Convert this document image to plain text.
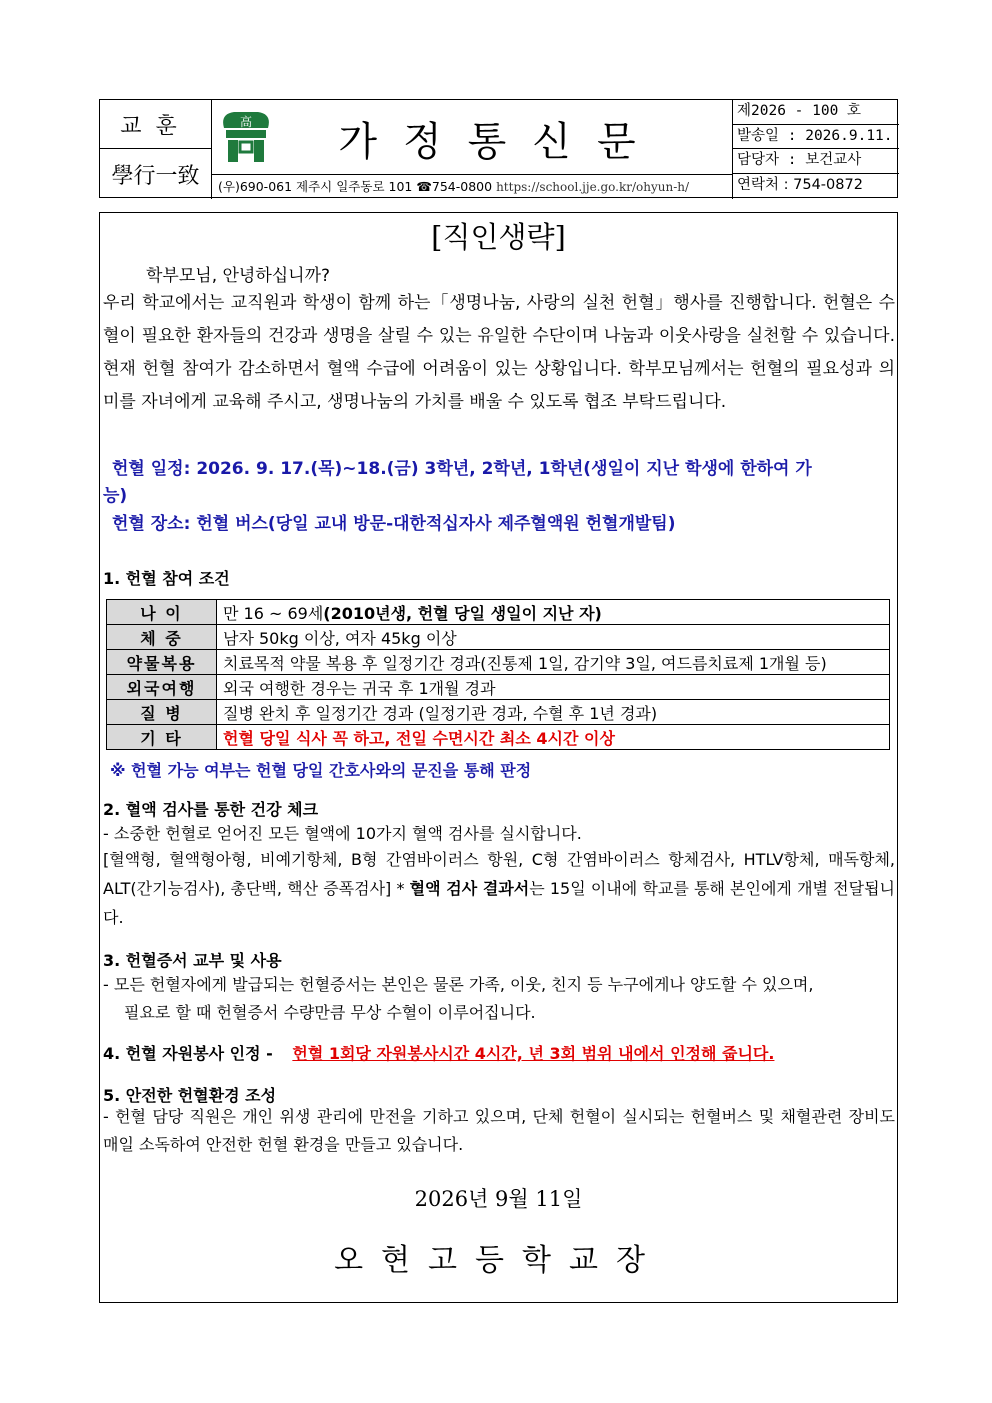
교훈
學行一致
高	가정통신문
(우)690-061 제주시 일주동로 101 ☎754-0800 https://school.jje.go.kr/ohyun-h/
제2026 - 100 호
발송일 : 2026.9.11.
담당자 : 보건교사
연락처 : 754-0872
[직인생략]
학부모님, 안녕하십니까?
우리 학교에서는 교직원과 학생이 함께 하는「생명나눔, 사랑의 실천 헌혈」행사를 진행합니다. 헌혈은 수혈이 필요한 환자들의 건강과 생명을 살릴 수 있는 유일한 수단이며 나눔과 이웃사랑을 실천할 수 있습니다. 현재 헌혈 참여가 감소하면서 혈액 수급에 어려움이 있는 상황입니다. 학부모님께서는 헌혈의 필요성과 의미를 자녀에게 교육해 주시고, 생명나눔의 가치를 배울 수 있도록 협조 부탁드립니다.
헌혈 일정: 2026. 9. 17.(목)~18.(금) 3학년, 2학년, 1학년(생일이 지난 학생에 한하여 가
능)
헌혈 장소: 헌혈 버스(당일 교내 방문-대한적십자사 제주혈액원 헌혈개발팀)
1. 헌혈 참여 조건
나 이	만 16 ~ 69세(2010년생, 헌혈 당일 생일이 지난 자)
체 중	남자 50kg 이상, 여자 45kg 이상
약물복용	치료목적 약물 복용 후 일정기간 경과(진통제 1일, 감기약 3일, 여드름치료제 1개월 등)
외국여행	외국 여행한 경우는 귀국 후 1개월 경과
질 병	질병 완치 후 일정기간 경과 (일정기관 경과, 수혈 후 1년 경과)
기 타	헌혈 당일 식사 꼭 하고, 전일 수면시간 최소 4시간 이상
※ 헌혈 가능 여부는 헌혈 당일 간호사와의 문진을 통해 판정
2. 혈액 검사를 통한 건강 체크
- 소중한 헌혈로 얻어진 모든 혈액에 10가지 혈액 검사를 실시합니다.
[혈액형, 혈액형아형, 비예기항체, B형 간염바이러스 항원, C형 간염바이러스 항체검사, HTLV항체, 매독항체, ALT(간기능검사), 총단백, 핵산 증폭검사] * 혈액 검사 결과서는 15일 이내에 학교를 통해 본인에게 개별 전달됩니다.
3. 헌혈증서 교부 및 사용
- 모든 헌혈자에게 발급되는 헌혈증서는 본인은 물론 가족, 이웃, 친지 등 누구에게나 양도할 수 있으며,
필요로 할 때 헌혈증서 수량만큼 무상 수혈이 이루어집니다.
4. 헌혈 자원봉사 인정 - 헌혈 1회당 자원봉사시간 4시간, 년 3회 범위 내에서 인정해 줍니다.
5. 안전한 헌혈환경 조성
- 헌혈 담당 직원은 개인 위생 관리에 만전을 기하고 있으며, 단체 헌혈이 실시되는 헌혈버스 및 채혈관련 장비도 매일 소독하여 안전한 헌혈 환경을 만들고 있습니다.
2026년 9월 11일
오현고등학교장
